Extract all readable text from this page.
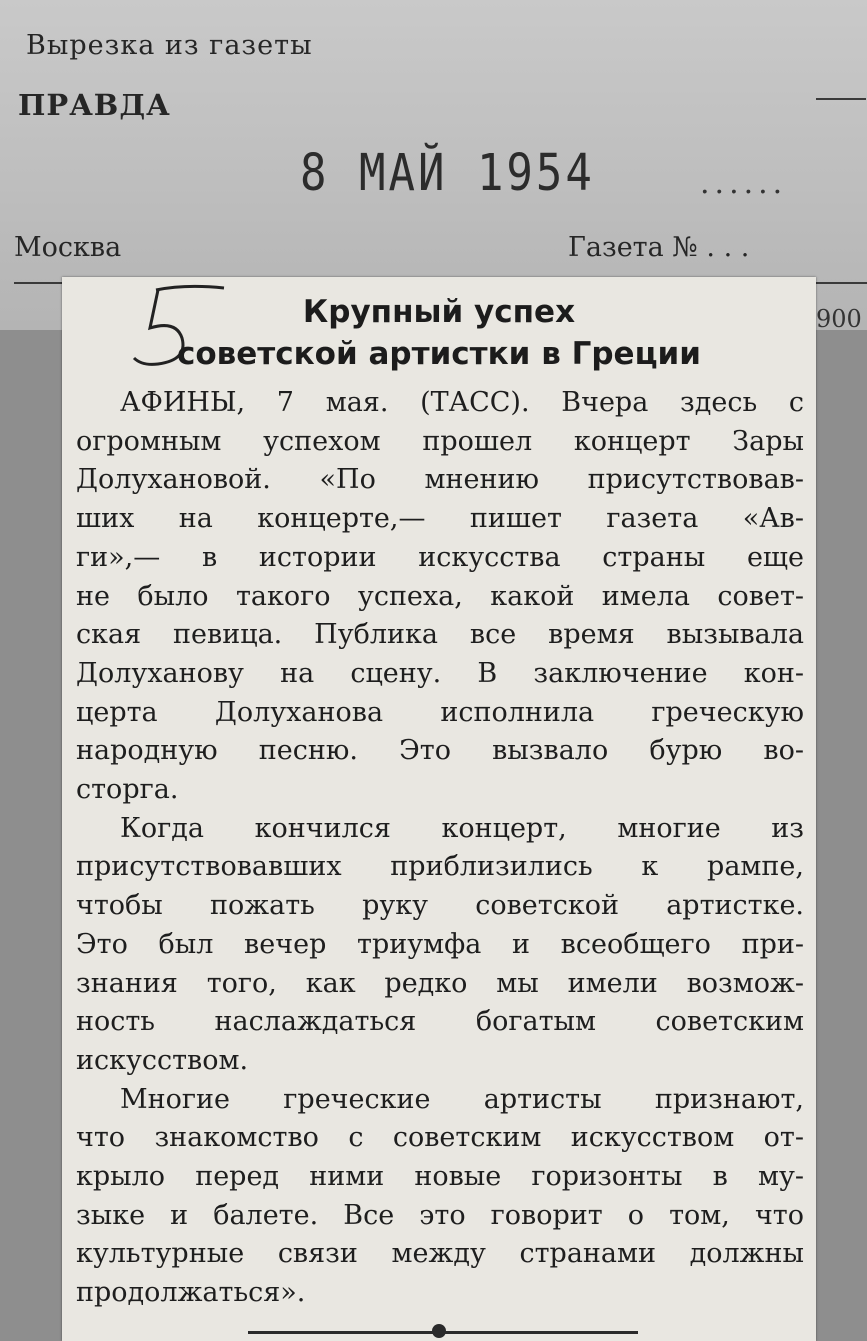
Вырезка из газеты
ПРАВДА
8 МАЙ 1954	......
Москва	Газета № . . .
900
Крупный успех
советской артистки в Греции
АФИНЫ, 7 мая. (ТАСС). Вчера здесь с
огромным успехом прошел концерт Зары
Долухановой. «По мнению присутствовав-
ших на концерте,— пишет газета «Ав-
ги»,— в истории искусства страны еще
не было такого успеха, какой имела совет-
ская певица. Публика все время вызывала
Долуханову на сцену. В заключение кон-
церта Долуханова исполнила греческую
народную песню. Это вызвало бурю во-
сторга.
Когда кончился концерт, многие из
присутствовавших приблизились к рампе,
чтобы пожать руку советской артистке.
Это был вечер триумфа и всеобщего при-
знания того, как редко мы имели возмож-
ность наслаждаться богатым советским
искусством.
Многие греческие артисты признают,
что знакомство с советским искусством от-
крыло перед ними новые горизонты в му-
зыке и балете. Все это говорит о том, что
культурные связи между странами должны
продолжаться».
